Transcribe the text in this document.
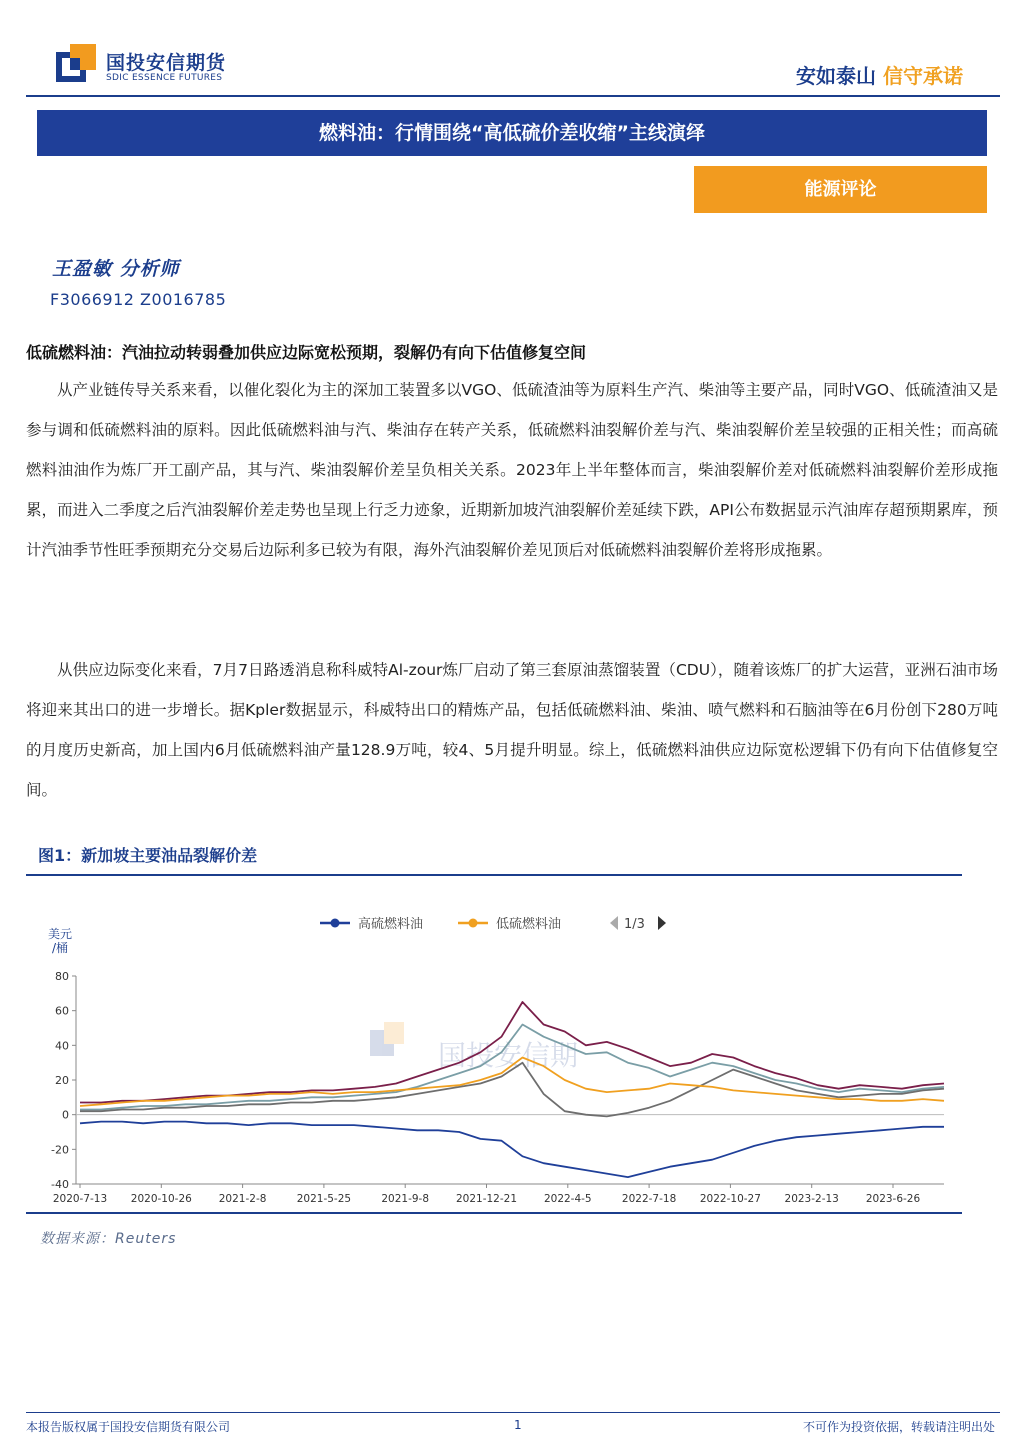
国投安信期货
SDIC ESSENCE FUTURES	安如泰山 信守承诺
燃料油：行情围绕“高低硫价差收缩”主线演绎
能源评论
王盈敏 分析师
F3066912 Z0016785
低硫燃料油：汽油拉动转弱叠加供应边际宽松预期，裂解仍有向下估值修复空间

从产业链传导关系来看，以催化裂化为主的深加工装置多以VGO、低硫渣油等为原料生产汽、柴油等主要产品，同时VGO、低硫渣油又是参与调和低硫燃料油的原料。因此低硫燃料油与汽、柴油存在转产关系，低硫燃料油裂解价差与汽、柴油裂解价差呈较强的正相关性；而高硫燃料油油作为炼厂开工副产品，其与汽、柴油裂解价差呈负相关关系。2023年上半年整体而言，柴油裂解价差对低硫燃料油裂解价差形成拖累，而进入二季度之后汽油裂解价差走势也呈现上行乏力迹象，近期新加坡汽油裂解价差延续下跌，API公布数据显示汽油库存超预期累库，预计汽油季节性旺季预期充分交易后边际利多已较为有限，海外汽油裂解价差见顶后对低硫燃料油裂解价差将形成拖累。

从供应边际变化来看，7月7日路透消息称科威特Al-zour炼厂启动了第三套原油蒸馏装置（CDU），随着该炼厂的扩大运营，亚洲石油市场将迎来其出口的进一步增长。据Kpler数据显示，科威特出口的精炼产品，包括低硫燃料油、柴油、喷气燃料和石脑油等在6月份创下280万吨的月度历史新高，加上国内6月低硫燃料油产量128.9万吨，较4、5月提升明显。综上，低硫燃料油供应边际宽松逻辑下仍有向下估值修复空间。

图1：新加坡主要油品裂解价差
国投安信期
美元
/桶
80
60
40
20
0
-20
-40
2020-7-13 2020-10-26	2021-2-8	2021-5-25	2021-9-8	2021-12-21	2022-4-5	2022-7-18 2022-10-27 2023-2-13	2023-6-26
高硫燃料油	低硫燃料油	1/3
数据来源：Reuters
本报告版权属于国投安信期货有限公司	1	不可作为投资依据，转载请注明出处
